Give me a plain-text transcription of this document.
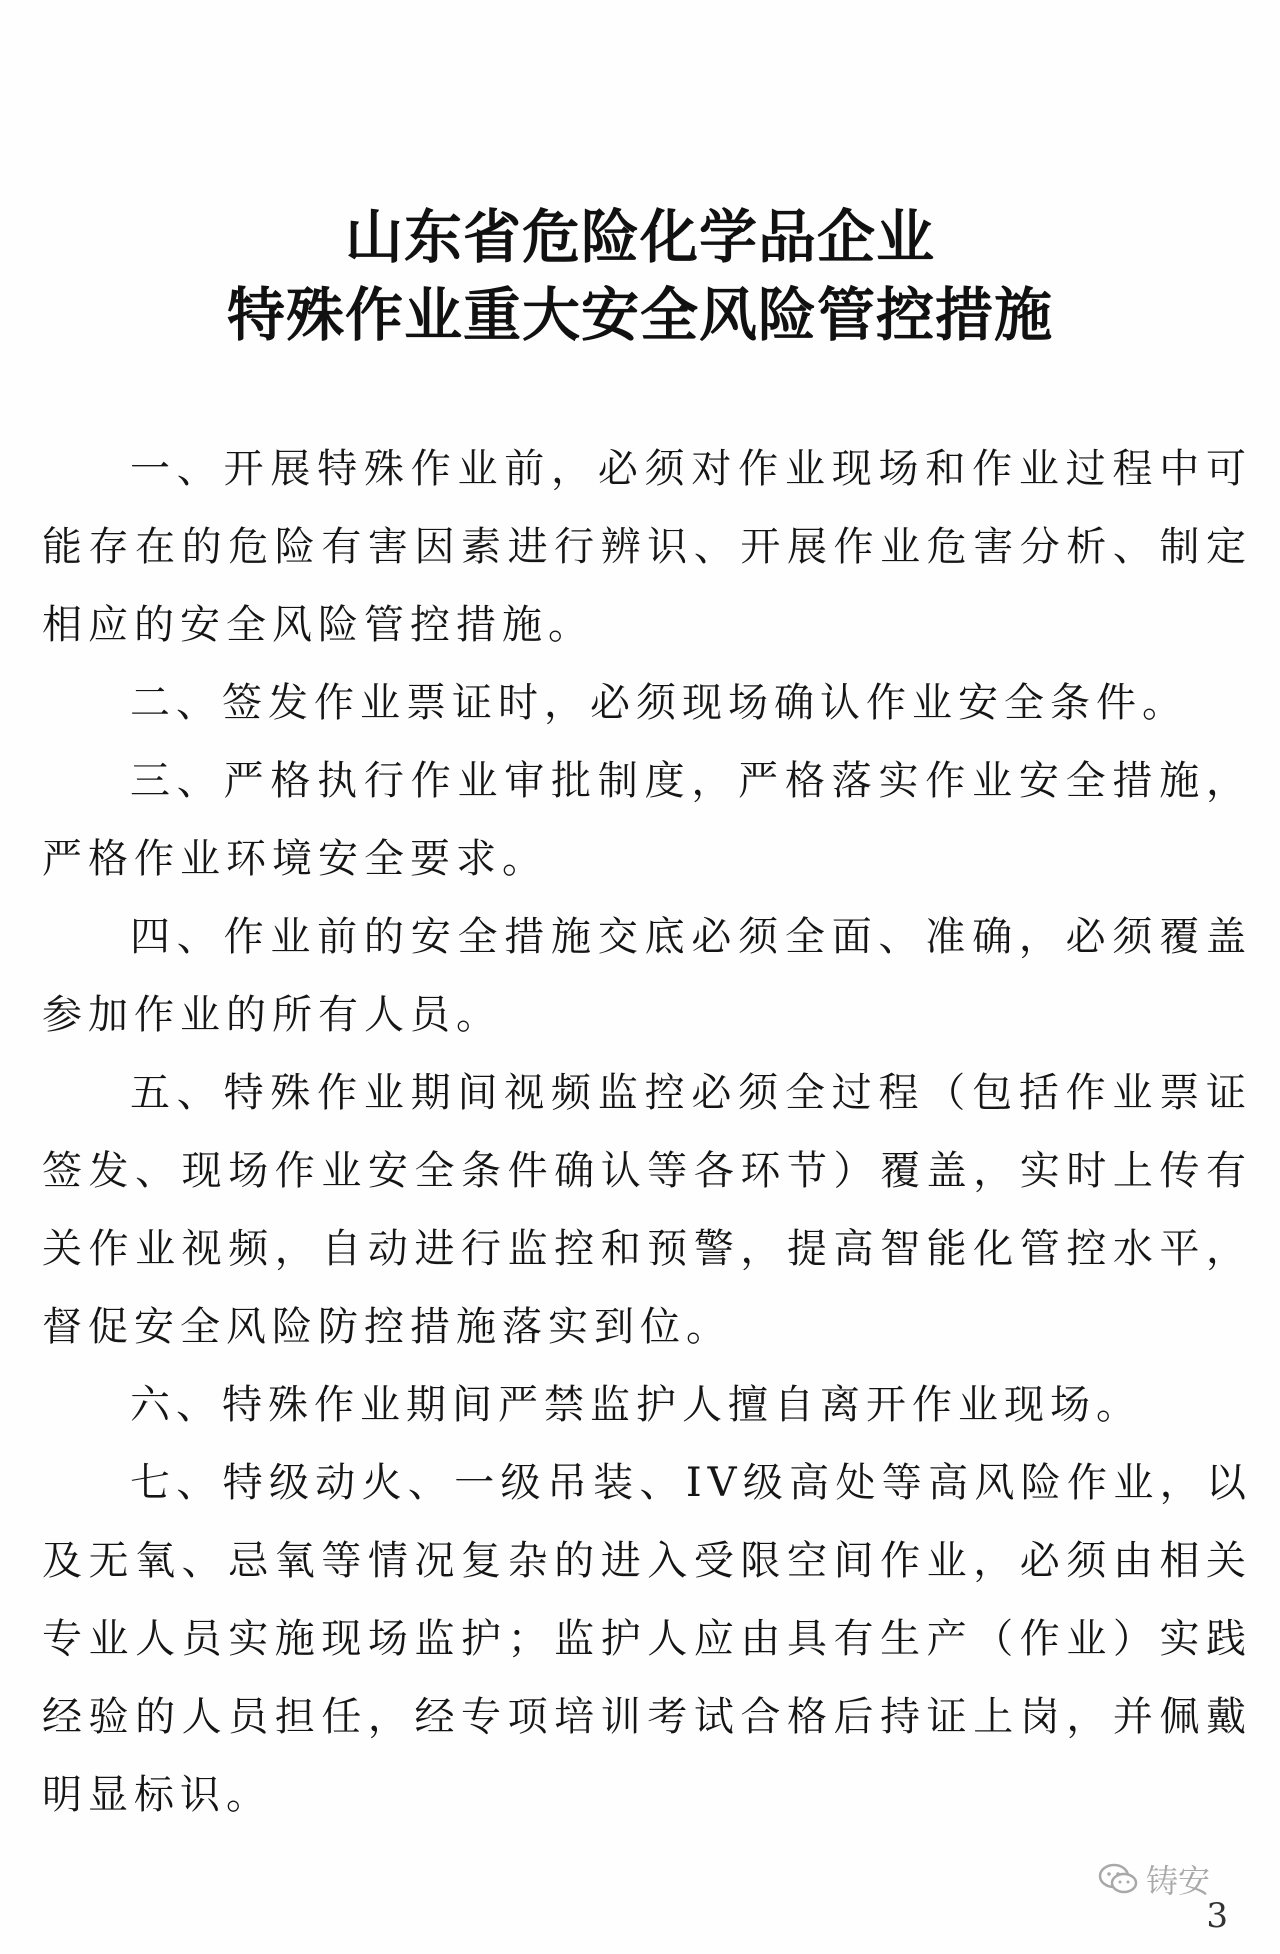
山东省危险化学品企业
特殊作业重大安全风险管控措施

一、开展特殊作业前，必须对作业现场和作业过程中可能存在的危险有害因素进行辨识、开展作业危害分析、制定相应的安全风险管控措施。

二、签发作业票证时，必须现场确认作业安全条件。

三、严格执行作业审批制度，严格落实作业安全措施，严格作业环境安全要求。

四、作业前的安全措施交底必须全面、准确，必须覆盖参加作业的所有人员。

五、特殊作业期间视频监控必须全过程（包括作业票证签发、现场作业安全条件确认等各环节）覆盖，实时上传有关作业视频，自动进行监控和预警，提高智能化管控水平，督促安全风险防控措施落实到位。

六、特殊作业期间严禁监护人擅自离开作业现场。

七、特级动火、一级吊装、IV级高处等高风险作业，以及无氧、忌氧等情况复杂的进入受限空间作业，必须由相关专业人员实施现场监护；监护人应由具有生产（作业）实践经验的人员担任，经专项培训考试合格后持证上岗，并佩戴明显标识。

铸安
3
